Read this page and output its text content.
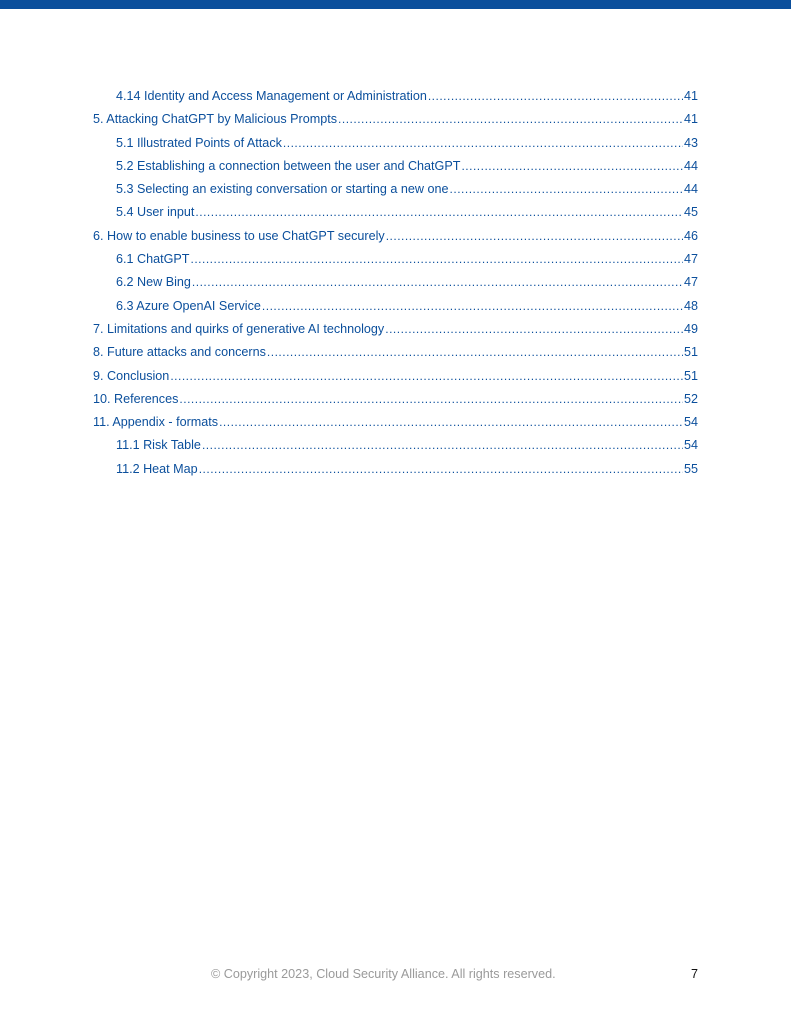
4.14 Identity and Access Management or Administration .....	41
5. Attacking ChatGPT by Malicious Prompts .....	41
5.1 Illustrated Points of Attack .....	43
5.2 Establishing a connection between the user and ChatGPT .....	44
5.3 Selecting an existing conversation or starting a new one .....	44
5.4 User input .....	45
6. How to enable business to use ChatGPT securely .....	46
6.1 ChatGPT .....	47
6.2 New Bing .....	47
6.3 Azure OpenAI Service .....	48
7. Limitations and quirks of generative AI technology .....	49
8. Future attacks and concerns .....	51
9. Conclusion .....	51
10. References .....	52
11. Appendix - formats .....	54
11.1 Risk Table .....	54
11.2 Heat Map .....	55
© Copyright 2023, Cloud Security Alliance. All rights reserved.	7
